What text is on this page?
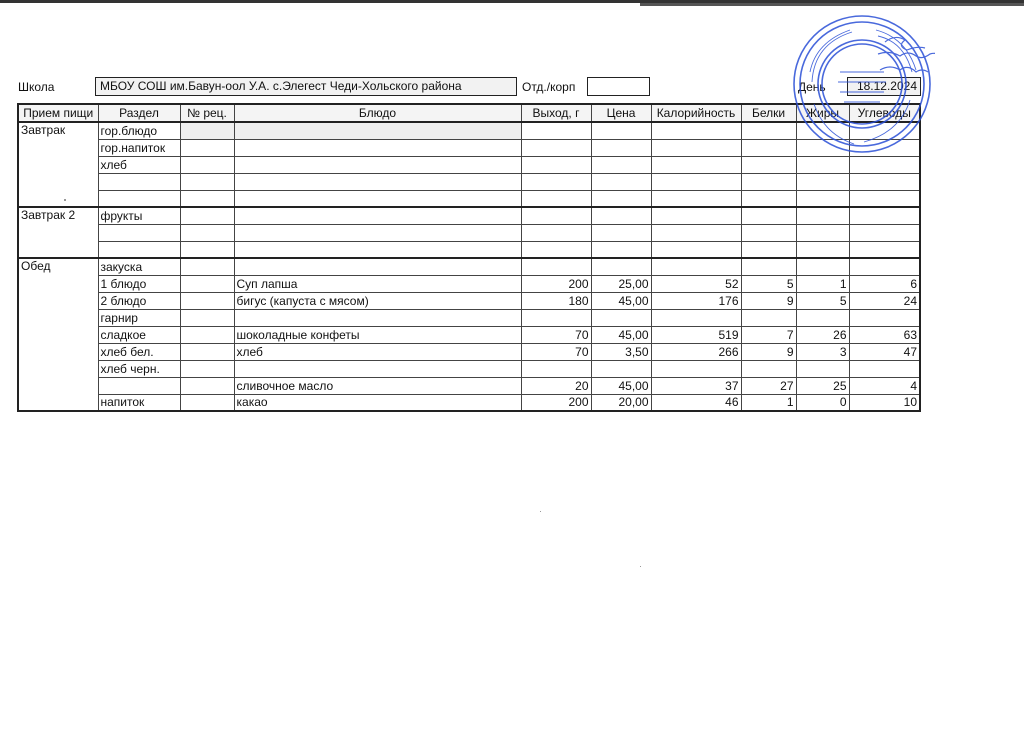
Школа	МБОУ СОШ им.Бавун-оол У.А. с.Элегест Чеди-Хольского района	Отд./корп	День	18.12.2024
Прием пищи	Раздел	№ рец.	Блюдо	Выход, г	Цена	Калорийность	Белки	Жиры	Углеводы
Завтрак	гор.блюдо								
	гор.напиток								
	хлеб								

Завтрак 2	фрукты								

Обед	закуска								
	1 блюдо		Суп лапша	200	25,00	52	5	1	6
	2 блюдо		бигус (капуста с мясом)	180	45,00	176	9	5	24
	гарнир								
	сладкое		шоколадные конфеты	70	45,00	519	7	26	63
	хлеб бел.		хлеб	70	3,50	266	9	3	47
	хлеб черн.								
			сливочное масло	20	45,00	37	27	25	4
	напиток		какао	200	20,00	46	1	0	10
